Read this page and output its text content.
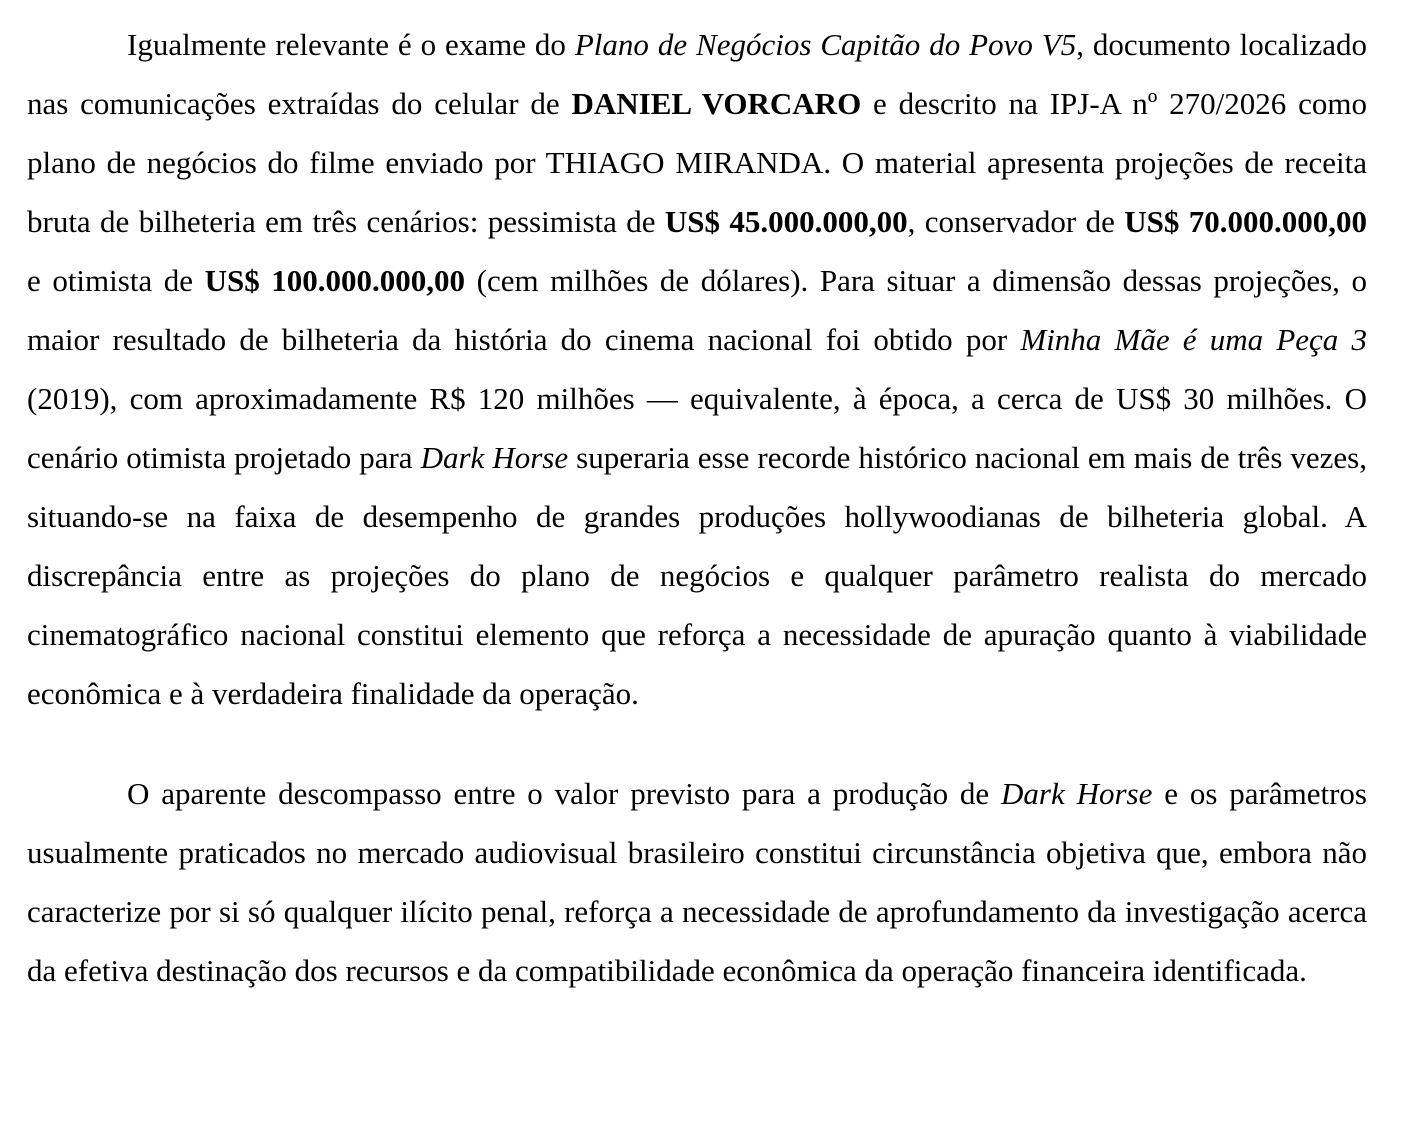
Igualmente relevante é o exame do Plano de Negócios Capitão do Povo V5, documento localizado nas comunicações extraídas do celular de DANIEL VORCARO e descrito na IPJ-A nº 270/2026 como plano de negócios do filme enviado por THIAGO MIRANDA. O material apresenta projeções de receita bruta de bilheteria em três cenários: pessimista de US$ 45.000.000,00, conservador de US$ 70.000.000,00 e otimista de US$ 100.000.000,00 (cem milhões de dólares). Para situar a dimensão dessas projeções, o maior resultado de bilheteria da história do cinema nacional foi obtido por Minha Mãe é uma Peça 3 (2019), com aproximadamente R$ 120 milhões — equivalente, à época, a cerca de US$ 30 milhões. O cenário otimista projetado para Dark Horse superaria esse recorde histórico nacional em mais de três vezes, situando-se na faixa de desempenho de grandes produções hollywoodianas de bilheteria global. A discrepância entre as projeções do plano de negócios e qualquer parâmetro realista do mercado cinematográfico nacional constitui elemento que reforça a necessidade de apuração quanto à viabilidade econômica e à verdadeira finalidade da operação.

O aparente descompasso entre o valor previsto para a produção de Dark Horse e os parâmetros usualmente praticados no mercado audiovisual brasileiro constitui circunstância objetiva que, embora não caracterize por si só qualquer ilícito penal, reforça a necessidade de aprofundamento da investigação acerca da efetiva destinação dos recursos e da compatibilidade econômica da operação financeira identificada.
